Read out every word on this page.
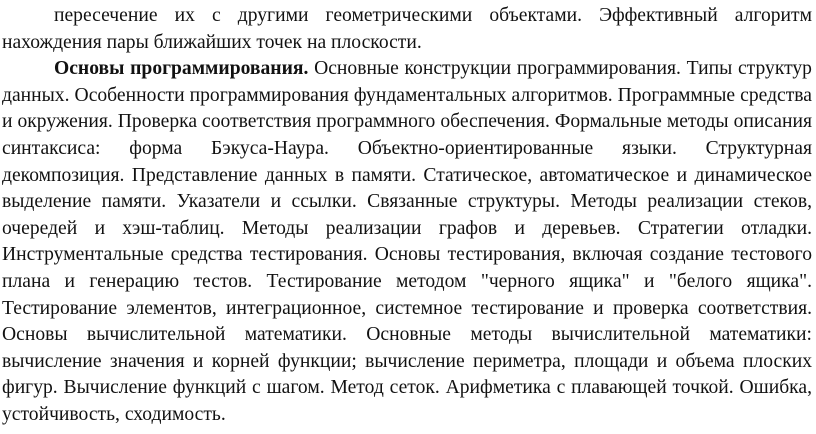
пересечение их с другими геометрическими объектами. Эффективный алгоритм нахождения пары ближайших точек на плоскости.

Основы программирования. Основные конструкции программирования. Типы структур данных. Особенности программирования фундаментальных алгоритмов. Программные средства и окружения. Проверка соответствия программного обеспечения. Формальные методы описания синтаксиса: форма Бэкуса-Наура. Объектно-ориентированные языки. Структурная декомпозиция. Представление данных в памяти. Статическое, автоматическое и динамическое выделение памяти. Указатели и ссылки. Связанные структуры. Методы реализации стеков, очередей и хэш-таблиц. Методы реализации графов и деревьев. Стратегии отладки. Инструментальные средства тестирования. Основы тестирования, включая создание тестового плана и генерацию тестов. Тестирование методом "черного ящика" и "белого ящика". Тестирование элементов, интеграционное, системное тестирование и проверка соответствия. Основы вычислительной математики. Основные методы вычислительной математики: вычисление значения и корней функции; вычисление периметра, площади и объема плоских фигур. Вычисление функций с шагом. Метод сеток. Арифметика с плавающей точкой. Ошибка, устойчивость, сходимость.
